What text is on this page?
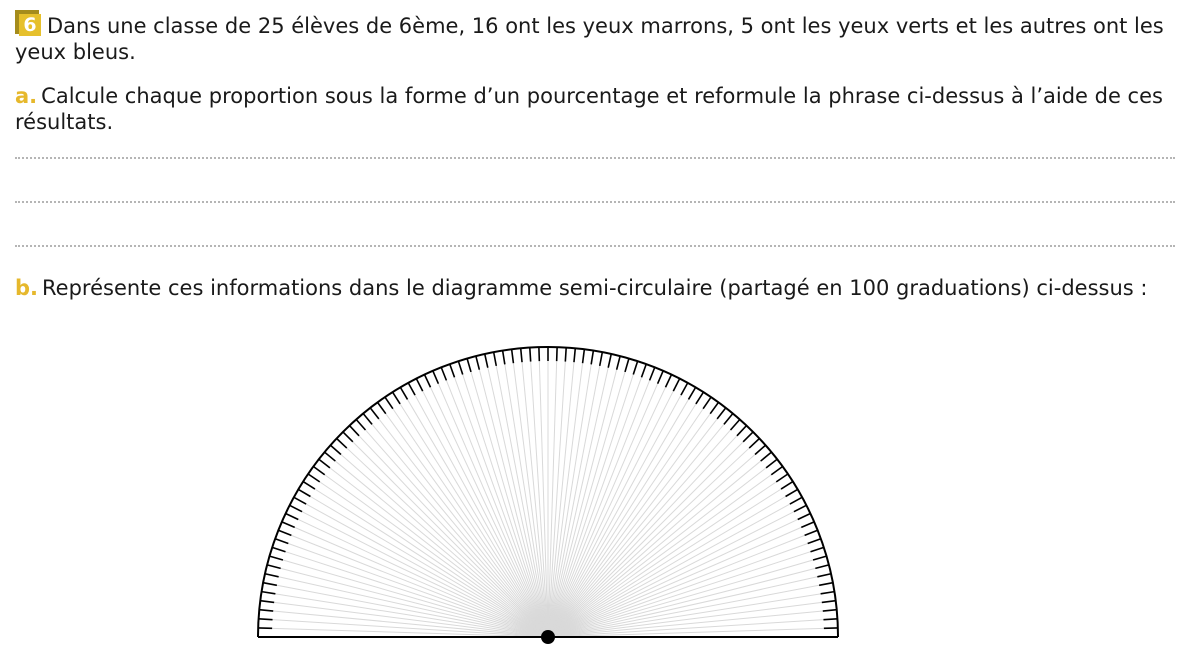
6 Dans une classe de 25 élèves de 6ème, 16 ont les yeux marrons, 5 ont les yeux verts et les autres ont les yeux bleus.

a. Calcule chaque proportion sous la forme d’un pourcentage et reformule la phrase ci-dessus à l’aide de ces résultats.

b. Représente ces informations dans le diagramme semi-circulaire (partagé en 100 graduations) ci-dessus :
